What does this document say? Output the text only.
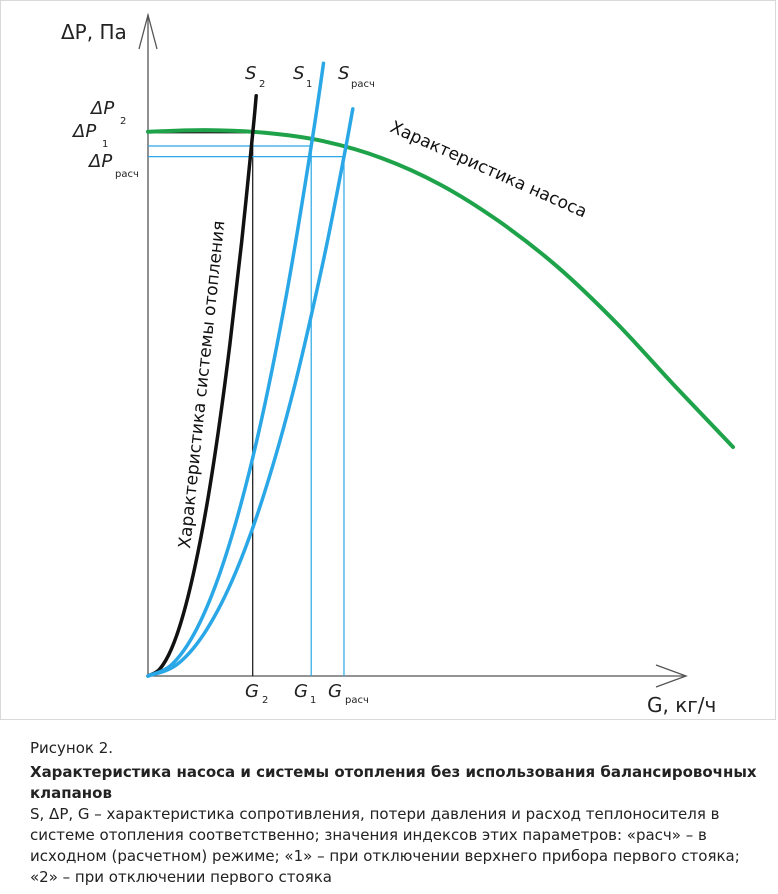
ΔP, Па
G, кг/ч
ΔP
2
ΔP
1
ΔP
расч
G 2 G 1 G расч
S
2
S
1
S
расч
Характеристика насоса
Характеристика системы отопления

Рисунок 2.

Характеристика насоса и системы отопления без использования балансировочных клапанов

S, ΔP, G – характеристика сопротивления, потери давления и расход теплоносителя в системе отопления соответственно; значения индексов этих параметров: «расч» – в исходном (расчетном) режиме; «1» – при отключении верхнего прибора первого стояка; «2» – при отключении первого стояка
